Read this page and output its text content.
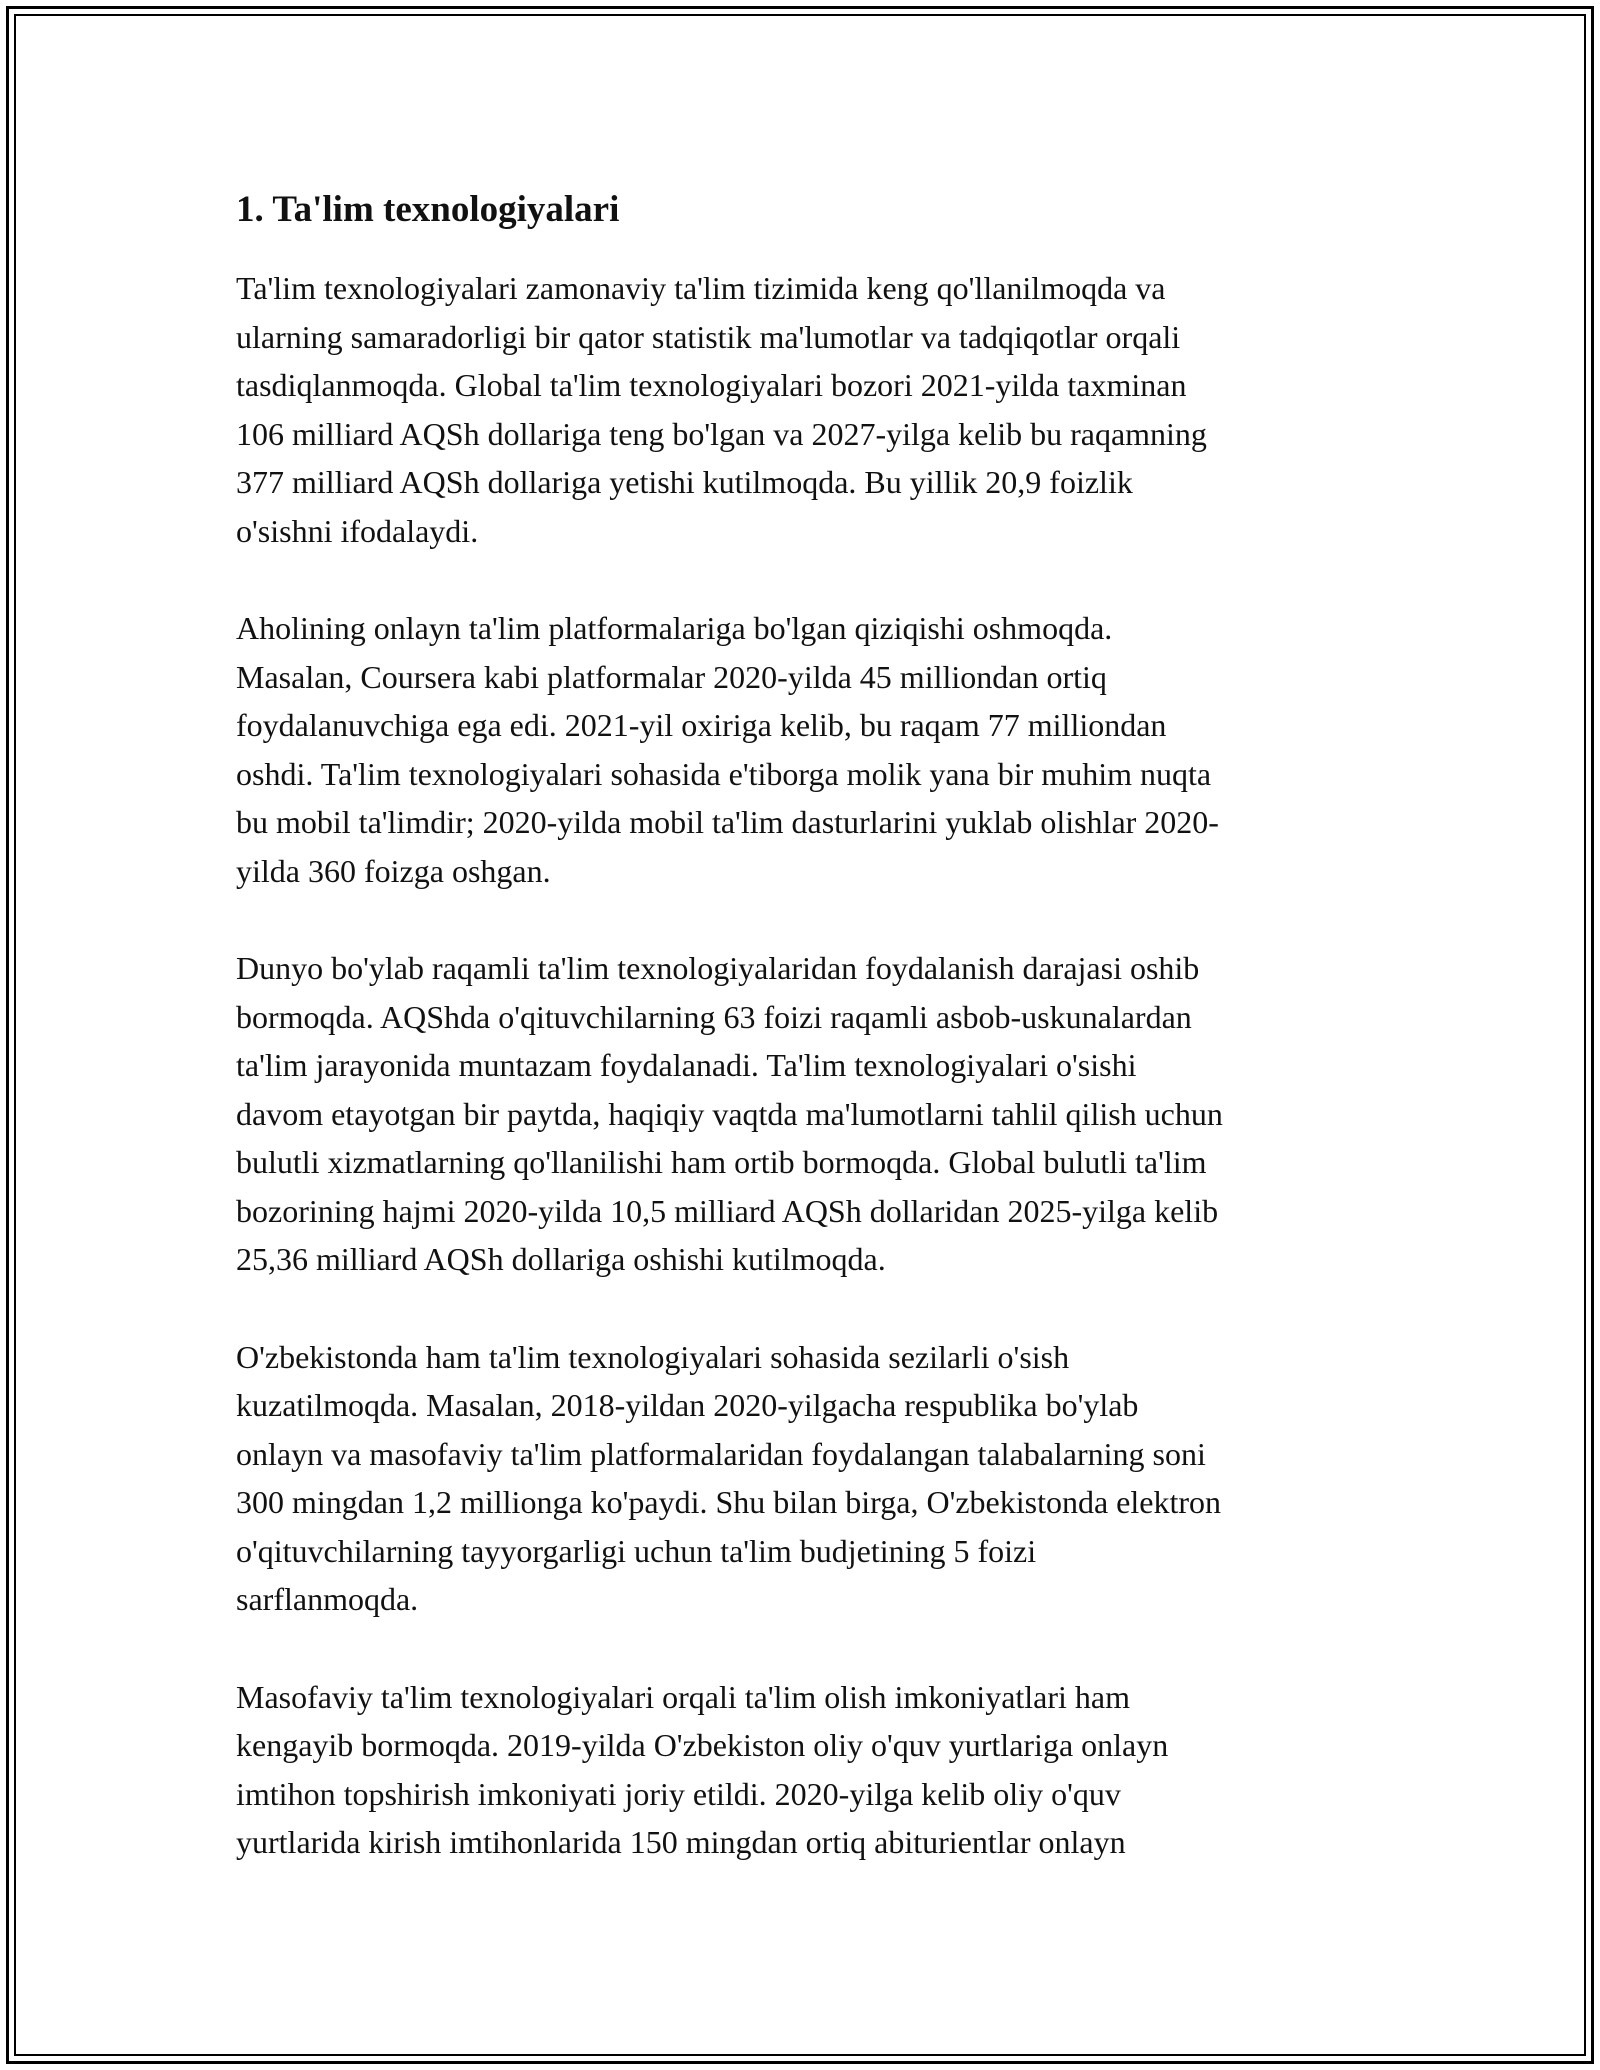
1. Ta'lim texnologiyalari

Ta'lim texnologiyalari zamonaviy ta'lim tizimida keng qo'llanilmoqda va
ularning samaradorligi bir qator statistik ma'lumotlar va tadqiqotlar orqali
tasdiqlanmoqda. Global ta'lim texnologiyalari bozori 2021-yilda taxminan
106 milliard AQSh dollariga teng bo'lgan va 2027-yilga kelib bu raqamning
377 milliard AQSh dollariga yetishi kutilmoqda. Bu yillik 20,9 foizlik
o'sishni ifodalaydi.

Aholining onlayn ta'lim platformalariga bo'lgan qiziqishi oshmoqda.
Masalan, Coursera kabi platformalar 2020-yilda 45 milliondan ortiq
foydalanuvchiga ega edi. 2021-yil oxiriga kelib, bu raqam 77 milliondan
oshdi. Ta'lim texnologiyalari sohasida e'tiborga molik yana bir muhim nuqta
bu mobil ta'limdir; 2020-yilda mobil ta'lim dasturlarini yuklab olishlar 2020-
yilda 360 foizga oshgan.

Dunyo bo'ylab raqamli ta'lim texnologiyalaridan foydalanish darajasi oshib
bormoqda. AQShda o'qituvchilarning 63 foizi raqamli asbob-uskunalardan
ta'lim jarayonida muntazam foydalanadi. Ta'lim texnologiyalari o'sishi
davom etayotgan bir paytda, haqiqiy vaqtda ma'lumotlarni tahlil qilish uchun
bulutli xizmatlarning qo'llanilishi ham ortib bormoqda. Global bulutli ta'lim
bozorining hajmi 2020-yilda 10,5 milliard AQSh dollaridan 2025-yilga kelib
25,36 milliard AQSh dollariga oshishi kutilmoqda.

O'zbekistonda ham ta'lim texnologiyalari sohasida sezilarli o'sish
kuzatilmoqda. Masalan, 2018-yildan 2020-yilgacha respublika bo'ylab
onlayn va masofaviy ta'lim platformalaridan foydalangan talabalarning soni
300 mingdan 1,2 millionga ko'paydi. Shu bilan birga, O'zbekistonda elektron
o'qituvchilarning tayyorgarligi uchun ta'lim budjetining 5 foizi
sarflanmoqda.

Masofaviy ta'lim texnologiyalari orqali ta'lim olish imkoniyatlari ham
kengayib bormoqda. 2019-yilda O'zbekiston oliy o'quv yurtlariga onlayn
imtihon topshirish imkoniyati joriy etildi. 2020-yilga kelib oliy o'quv
yurtlarida kirish imtihonlarida 150 mingdan ortiq abiturientlar onlayn
